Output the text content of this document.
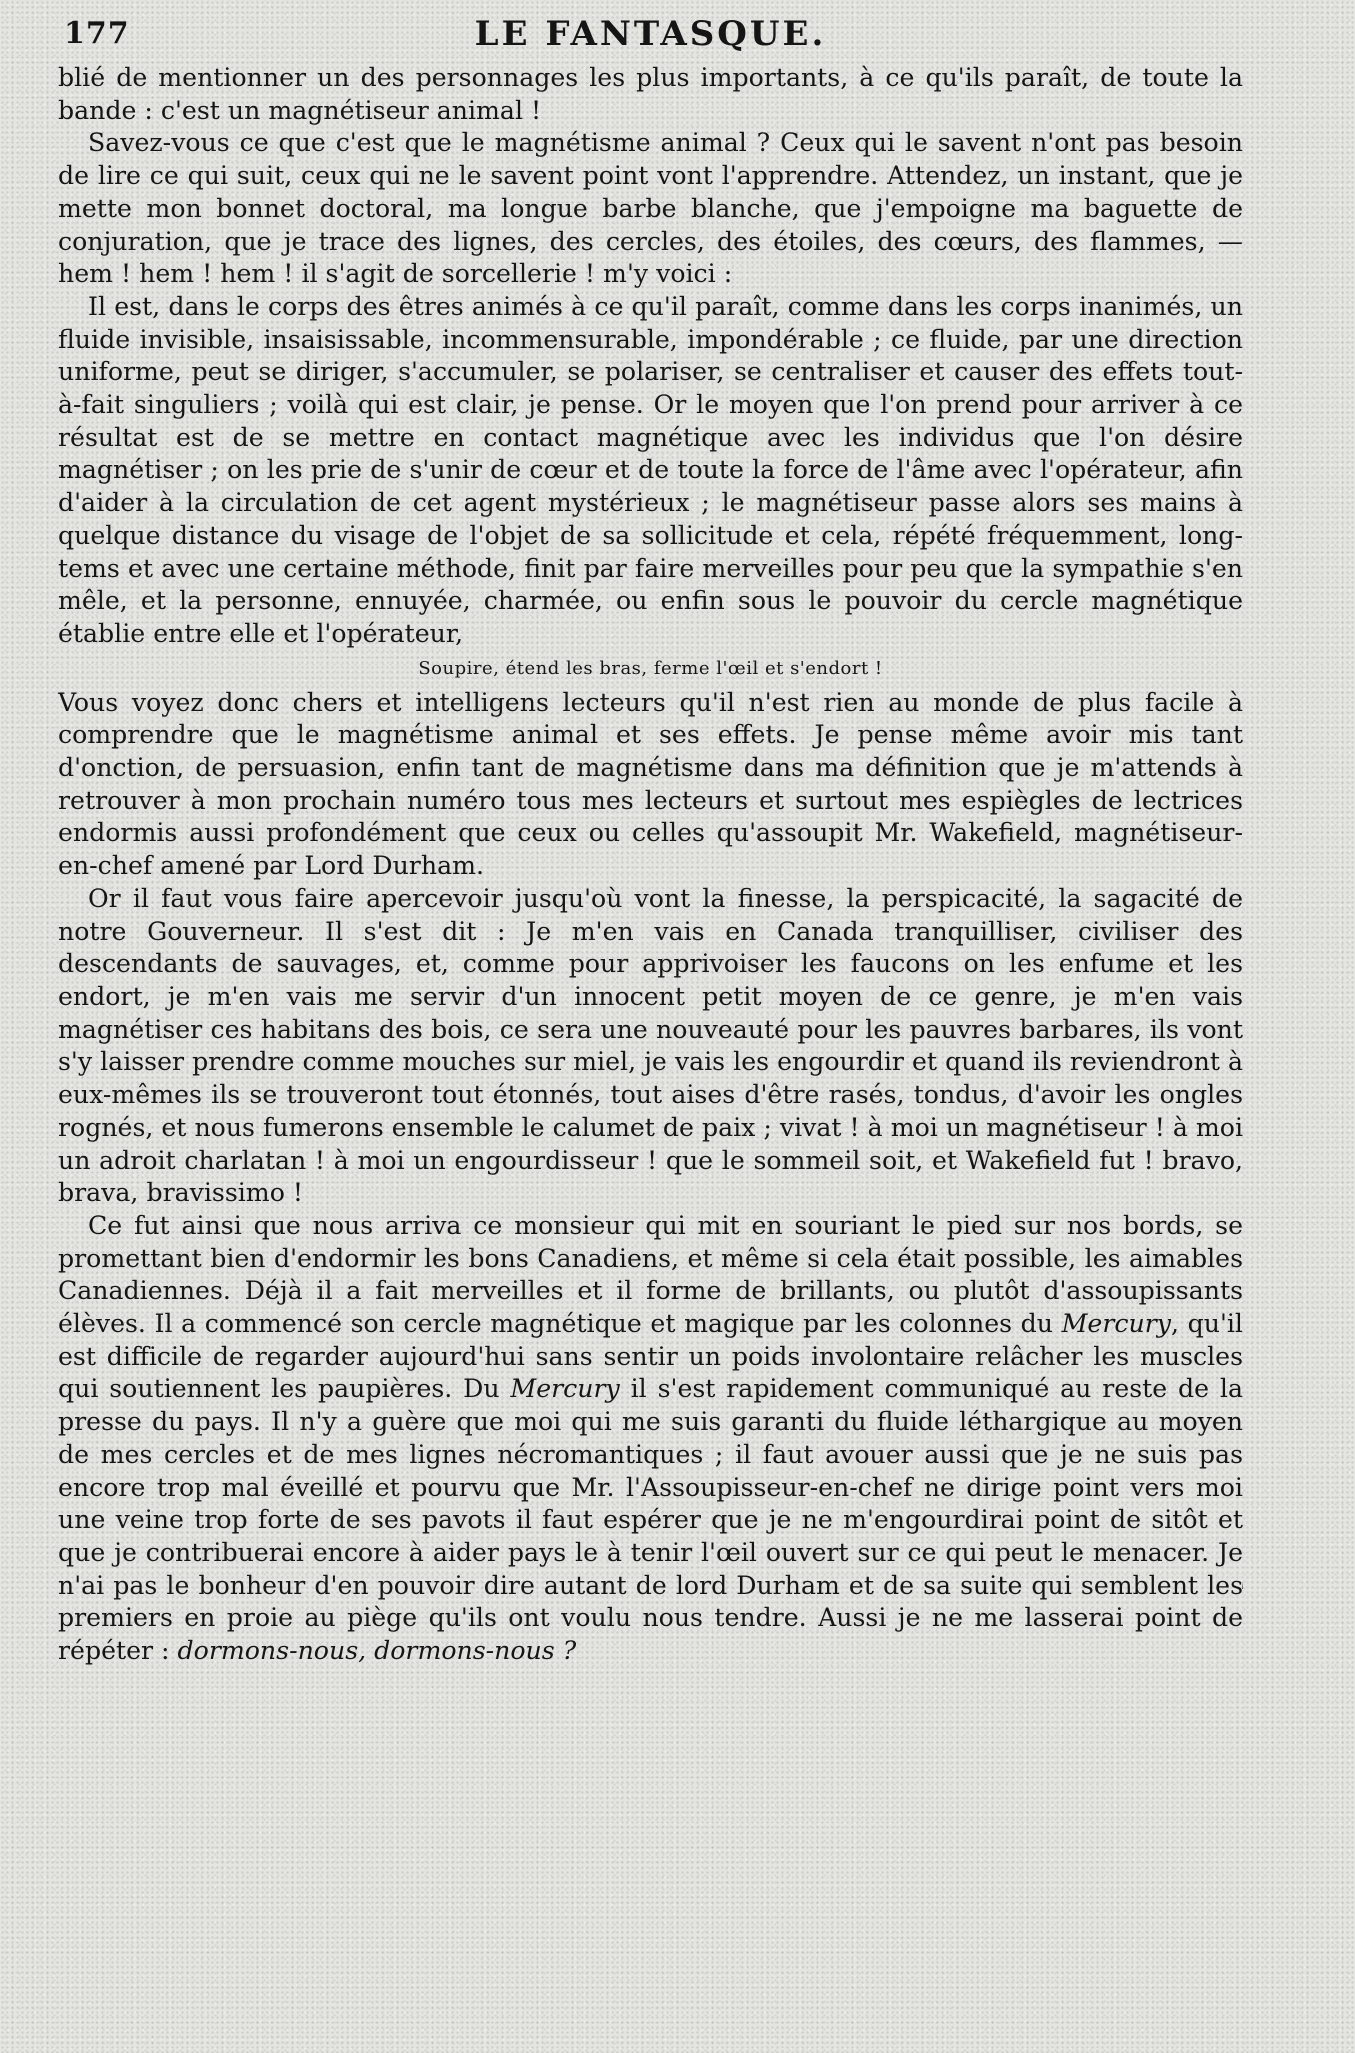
177	LE FANTASQUE.

blié de mentionner un des personnages les plus importants, à ce qu'ils paraît, de toute la bande : c'est un magnétiseur animal !

Savez-vous ce que c'est que le magnétisme animal ? Ceux qui le savent n'ont pas besoin de lire ce qui suit, ceux qui ne le savent point vont l'apprendre. Attendez, un instant, que je mette mon bonnet doctoral, ma longue barbe blanche, que j'empoigne ma baguette de conjuration, que je trace des lignes, des cercles, des étoiles, des cœurs, des flammes, — hem ! hem ! hem ! il s'agit de sorcellerie ! m'y voici :

Il est, dans le corps des êtres animés à ce qu'il paraît, comme dans les corps inanimés, un fluide invisible, insaisissable, incommensurable, impondérable ; ce fluide, par une direction uniforme, peut se diriger, s'accumuler, se polariser, se centraliser et causer des effets tout-à-fait singuliers ; voilà qui est clair, je pense. Or le moyen que l'on prend pour arriver à ce résultat est de se mettre en contact magnétique avec les individus que l'on désire magnétiser ; on les prie de s'unir de cœur et de toute la force de l'âme avec l'opérateur, afin d'aider à la circulation de cet agent mystérieux ; le magnétiseur passe alors ses mains à quelque distance du visage de l'objet de sa sollicitude et cela, répété fréquemment, long-tems et avec une certaine méthode, finit par faire merveilles pour peu que la sympathie s'en mêle, et la personne, ennuyée, charmée, ou enfin sous le pouvoir du cercle magnétique établie entre elle et l'opérateur,

Soupire, étend les bras, ferme l'œil et s'endort !

Vous voyez donc chers et intelligens lecteurs qu'il n'est rien au monde de plus facile à comprendre que le magnétisme animal et ses effets. Je pense même avoir mis tant d'onction, de persuasion, enfin tant de magnétisme dans ma définition que je m'attends à retrouver à mon prochain numéro tous mes lecteurs et surtout mes espiègles de lectrices endormis aussi profondément que ceux ou celles qu'assoupit Mr. Wakefield, magnétiseur-en-chef amené par Lord Durham.

Or il faut vous faire apercevoir jusqu'où vont la finesse, la perspicacité, la sagacité de notre Gouverneur. Il s'est dit : Je m'en vais en Canada tranquilliser, civiliser des descendants de sauvages, et, comme pour apprivoiser les faucons on les enfume et les endort, je m'en vais me servir d'un innocent petit moyen de ce genre, je m'en vais magnétiser ces habitans des bois, ce sera une nouveauté pour les pauvres barbares, ils vont s'y laisser prendre comme mouches sur miel, je vais les engourdir et quand ils reviendront à eux-mêmes ils se trouveront tout étonnés, tout aises d'être rasés, tondus, d'avoir les ongles rognés, et nous fumerons ensemble le calumet de paix ; vivat ! à moi un magnétiseur ! à moi un adroit charlatan ! à moi un engourdisseur ! que le sommeil soit, et Wakefield fut ! bravo, brava, bravissimo !

Ce fut ainsi que nous arriva ce monsieur qui mit en souriant le pied sur nos bords, se promettant bien d'endormir les bons Canadiens, et même si cela était possible, les aimables Canadiennes. Déjà il a fait merveilles et il forme de brillants, ou plutôt d'assoupissants élèves. Il a commencé son cercle magnétique et magique par les colonnes du Mercury, qu'il est difficile de regarder aujourd'hui sans sentir un poids involontaire relâcher les muscles qui soutiennent les paupières. Du Mercury il s'est rapidement communiqué au reste de la presse du pays. Il n'y a guère que moi qui me suis garanti du fluide léthargique au moyen de mes cercles et de mes lignes nécromantiques ; il faut avouer aussi que je ne suis pas encore trop mal éveillé et pourvu que Mr. l'Assoupisseur-en-chef ne dirige point vers moi une veine trop forte de ses pavots il faut espérer que je ne m'engourdirai point de sitôt et que je contribuerai encore à aider pays le à tenir l'œil ouvert sur ce qui peut le menacer. Je n'ai pas le bonheur d'en pouvoir dire autant de lord Durham et de sa suite qui semblent les premiers en proie au piège qu'ils ont voulu nous tendre. Aussi je ne me lasserai point de répéter : dormons-nous, dormons-nous ?
